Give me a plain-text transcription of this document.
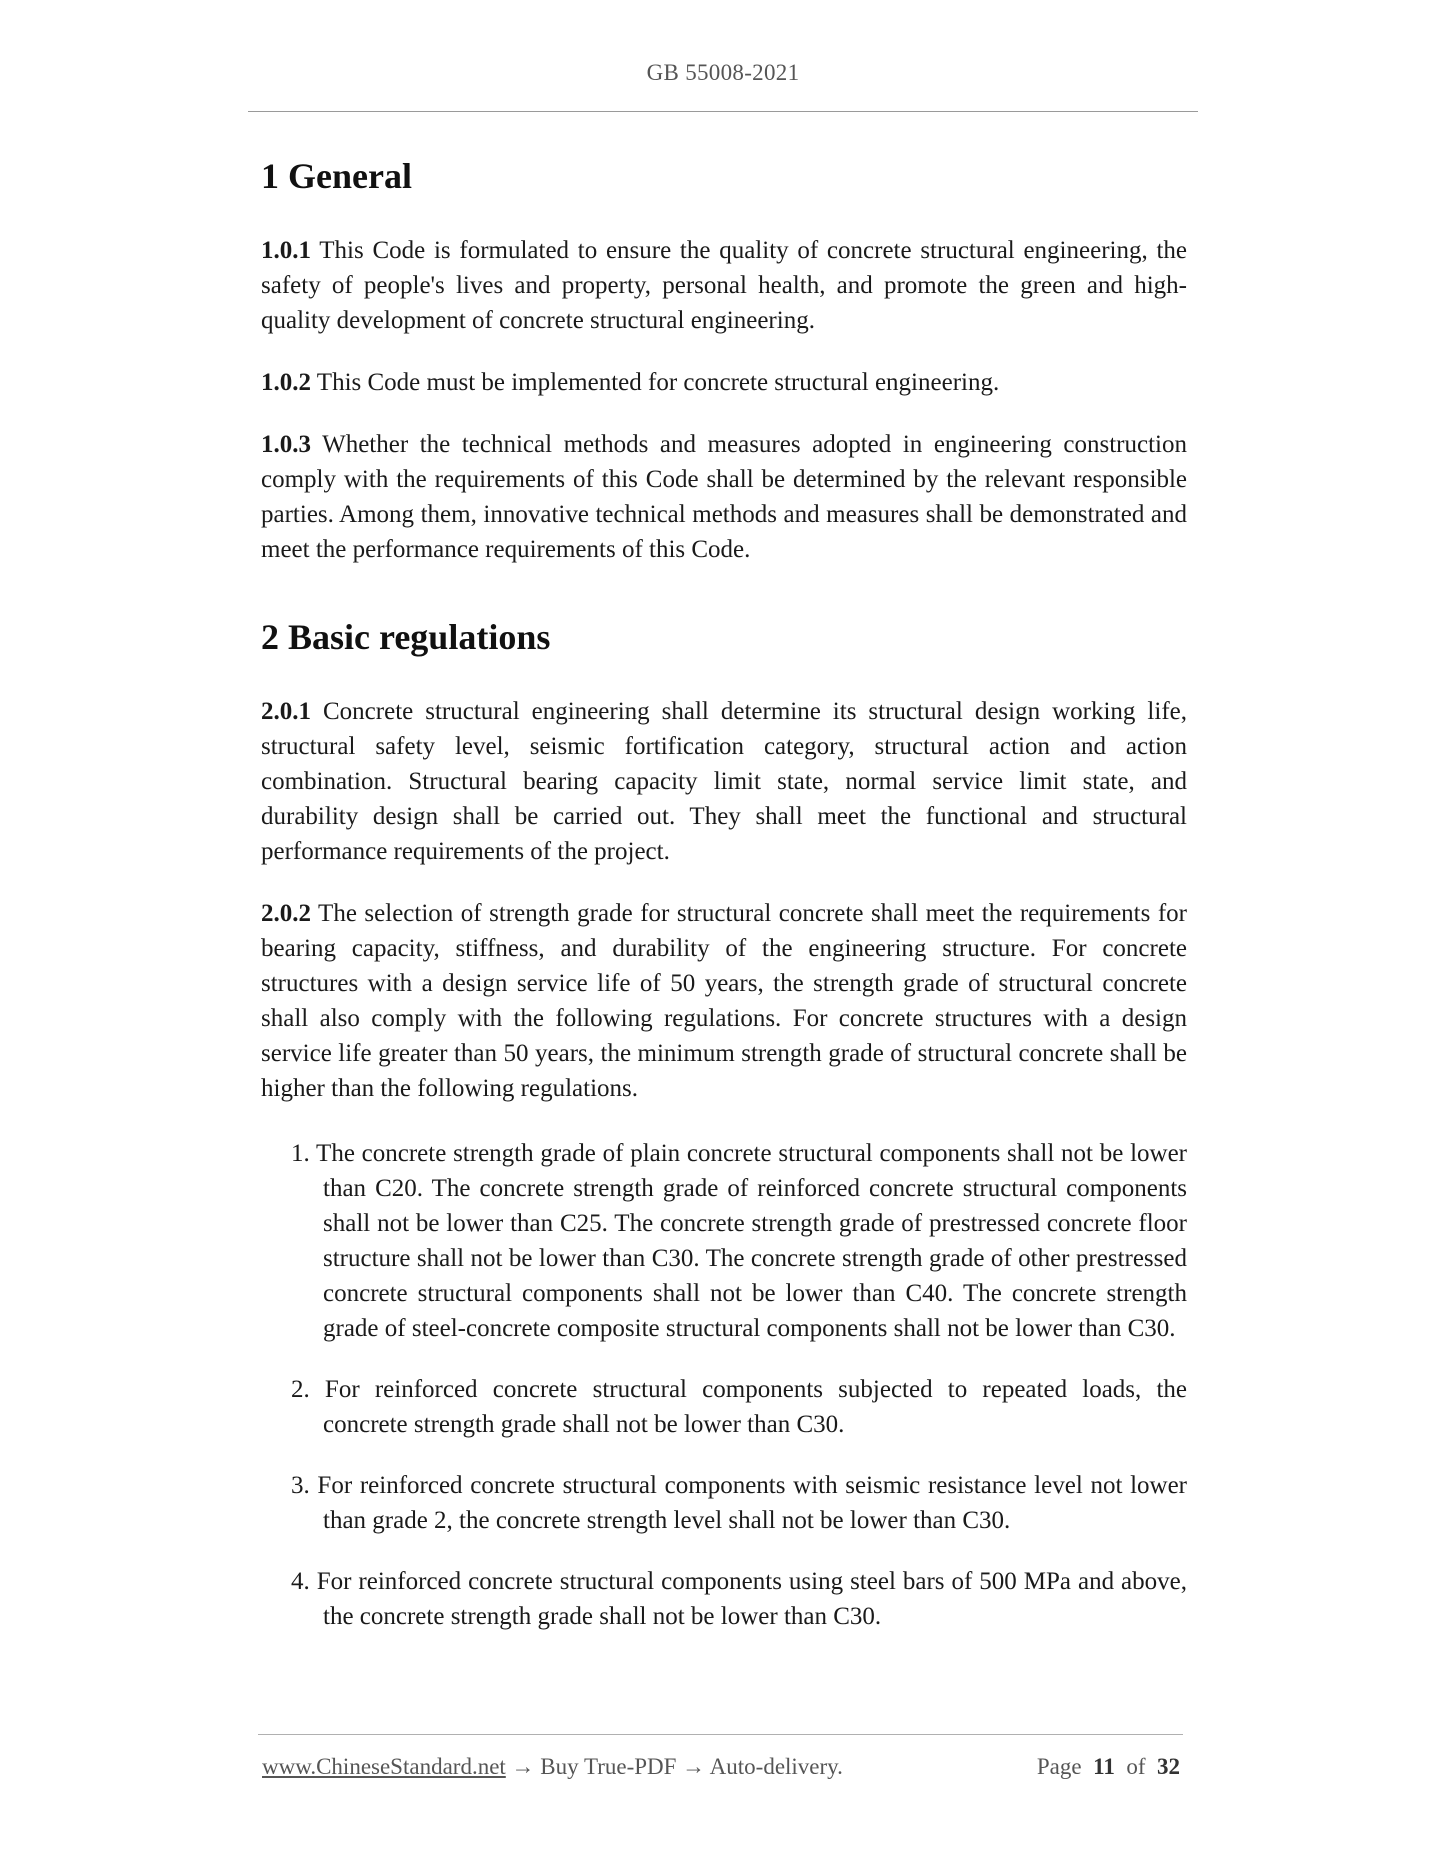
GB 55008-2021
1 General

1.0.1 This Code is formulated to ensure the quality of concrete structural engineering, the safety of people's lives and property, personal health, and promote the green and high-quality development of concrete structural engineering.

1.0.2 This Code must be implemented for concrete structural engineering.

1.0.3 Whether the technical methods and measures adopted in engineering construction comply with the requirements of this Code shall be determined by the relevant responsible parties. Among them, innovative technical methods and measures shall be demonstrated and meet the performance requirements of this Code.

2 Basic regulations

2.0.1 Concrete structural engineering shall determine its structural design working life, structural safety level, seismic fortification category, structural action and action combination. Structural bearing capacity limit state, normal service limit state, and durability design shall be carried out. They shall meet the functional and structural performance requirements of the project.

2.0.2 The selection of strength grade for structural concrete shall meet the requirements for bearing capacity, stiffness, and durability of the engineering structure. For concrete structures with a design service life of 50 years, the strength grade of structural concrete shall also comply with the following regulations. For concrete structures with a design service life greater than 50 years, the minimum strength grade of structural concrete shall be higher than the following regulations.

1. The concrete strength grade of plain concrete structural components shall not be lower than C20. The concrete strength grade of reinforced concrete structural components shall not be lower than C25. The concrete strength grade of prestressed concrete floor structure shall not be lower than C30. The concrete strength grade of other prestressed concrete structural components shall not be lower than C40. The concrete strength grade of steel-concrete composite structural components shall not be lower than C30.
2. For reinforced concrete structural components subjected to repeated loads, the concrete strength grade shall not be lower than C30.
3. For reinforced concrete structural components with seismic resistance level not lower than grade 2, the concrete strength level shall not be lower than C30.
4. For reinforced concrete structural components using steel bars of 500 MPa and above, the concrete strength grade shall not be lower than C30.
www.ChineseStandard.net → Buy True-PDF → Auto-delivery.	Page 11 of 32
